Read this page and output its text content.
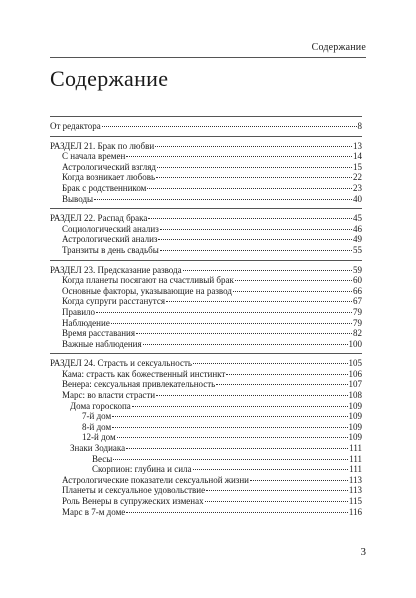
Содержание
Содержание
От редактора	8
РАЗДЕЛ 21. Брак по любви	13
С начала времен	14
Астрологический взгляд	15
Когда возникает любовь	22
Брак с родственником	23
Выводы	40
РАЗДЕЛ 22. Распад брака	45
Социологический анализ	46
Астрологический анализ	49
Транзиты в день свадьбы	55
РАЗДЕЛ 23. Предсказание развода	59
Когда планеты посягают на счастливый брак	60
Основные факторы, указывающие на развод	66
Когда супруги расстанутся	67
Правило	79
Наблюдение	79
Время расставания	82
Важные наблюдения	100
РАЗДЕЛ 24. Страсть и сексуальность	105
Кама: страсть как божественный инстинкт	106
Венера: сексуальная привлекательность	107
Марс: во власти страсти	108
Дома гороскопа	109
7-й дом	109
8-й дом	109
12-й дом	109
Знаки Зодиака	111
Весы	111
Скорпион: глубина и сила	111
Астрологические показатели сексуальной жизни	113
Планеты и сексуальное удовольствие	113
Роль Венеры в супружеских изменах	115
Марс в 7-м доме	116
3
